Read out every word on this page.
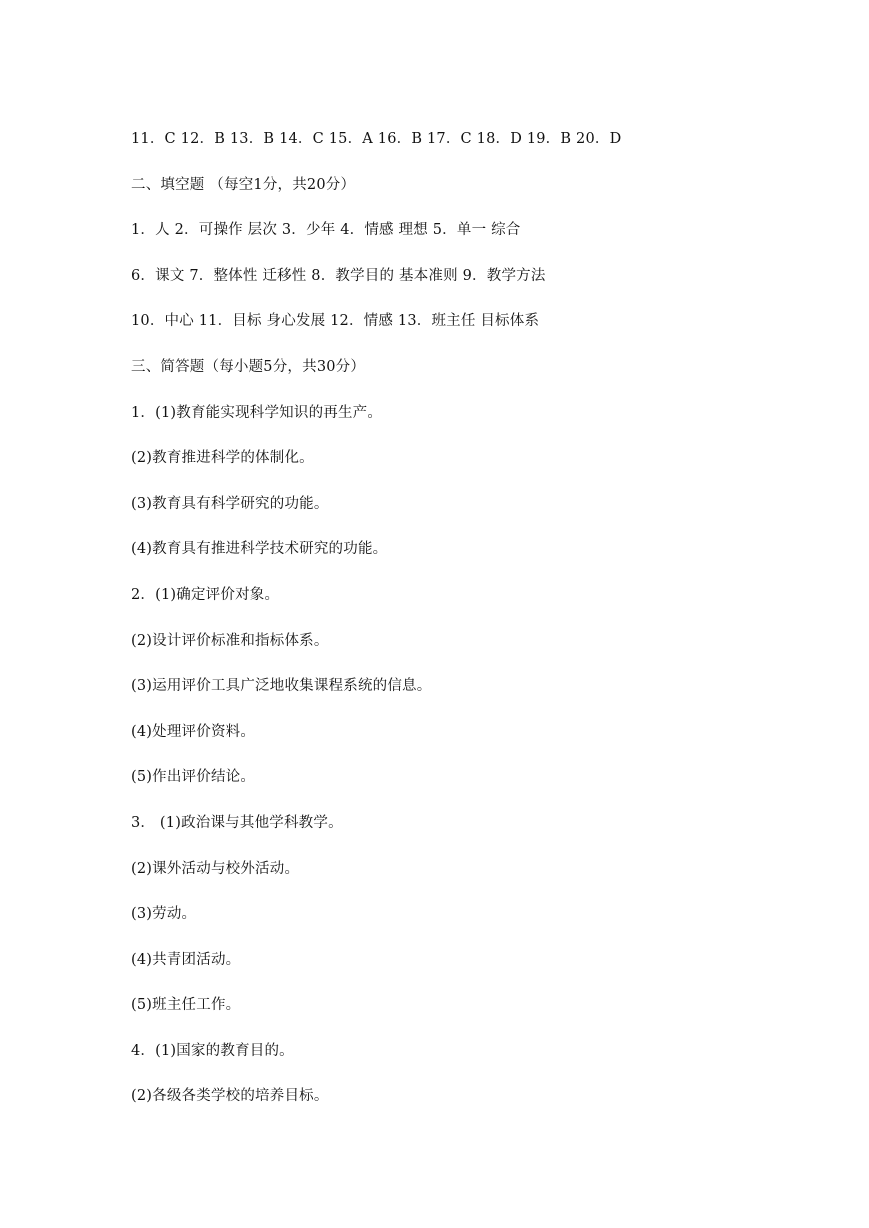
11．C 12．B 13．B 14．C 15．A 16．B 17．C 18．D 19．B 20．D
二、填空题 （每空1分，共20分）
1．人 2．可操作 层次 3．少年 4．情感 理想 5．单一 综合
6．课文 7．整体性 迁移性 8．教学目的 基本准则 9．教学方法
10．中心 11．目标 身心发展 12．情感 13．班主任 目标体系
三、简答题（每小题5分，共30分）
1．(1)教育能实现科学知识的再生产。
(2)教育推进科学的体制化。
(3)教育具有科学研究的功能。
(4)教育具有推进科学技术研究的功能。
2．(1)确定评价对象。
(2)设计评价标准和指标体系。
(3)运用评价工具广泛地收集课程系统的信息。
(4)处理评价资料。
(5)作出评价结论。
3． (1)政治课与其他学科教学。
(2)课外活动与校外活动。
(3)劳动。
(4)共青团活动。
(5)班主任工作。
4．(1)国家的教育目的。
(2)各级各类学校的培养目标。
